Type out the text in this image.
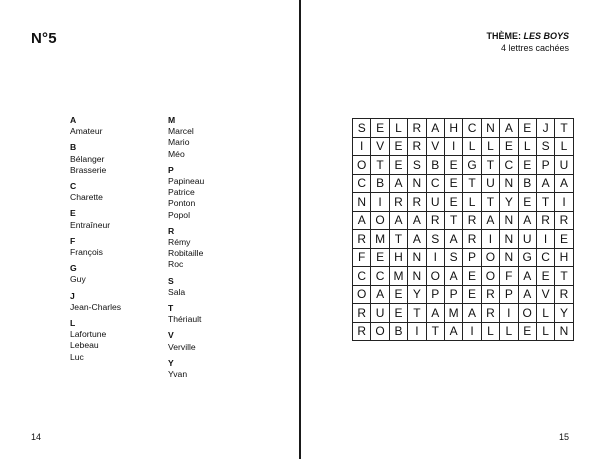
N°5
A
Amateur
B
Bélanger
Brasserie
C
Charette
E
Entraîneur
F
François
G
Guy
J
Jean-Charles
L
Lafortune
Lebeau
Luc
M
Marcel
Mario
Méo
P
Papineau
Patrice
Ponton
Popol
R
Rémy
Robitaille
Roc
S
Sala
T
Thériault
V
Verville
Y
Yvan
14
THÈME: LES BOYS
4 lettres cachées
S	E	L	R	A	H	C	N	A	E	J	T
I	V	E	R	V	I	L	L	E	L	S	L
O	T	E	S	B	E	G	T	C	E	P	U
C	B	A	N	C	E	T	U	N	B	A	A
N	I	R	R	U	E	L	T	Y	E	T	I
A	O	A	A	R	T	R	A	N	A	R	R
R	M	T	A	S	A	R	I	N	U	I	E
F	E	H	N	I	S	P	O	N	G	C	H
C	C	M	N	O	A	E	O	F	A	E	T
O	A	E	Y	P	P	E	R	P	A	V	R
R	U	E	T	A	M	A	R	I	O	L	Y
R	O	B	I	T	A	I	L	L	E	L	N
15
